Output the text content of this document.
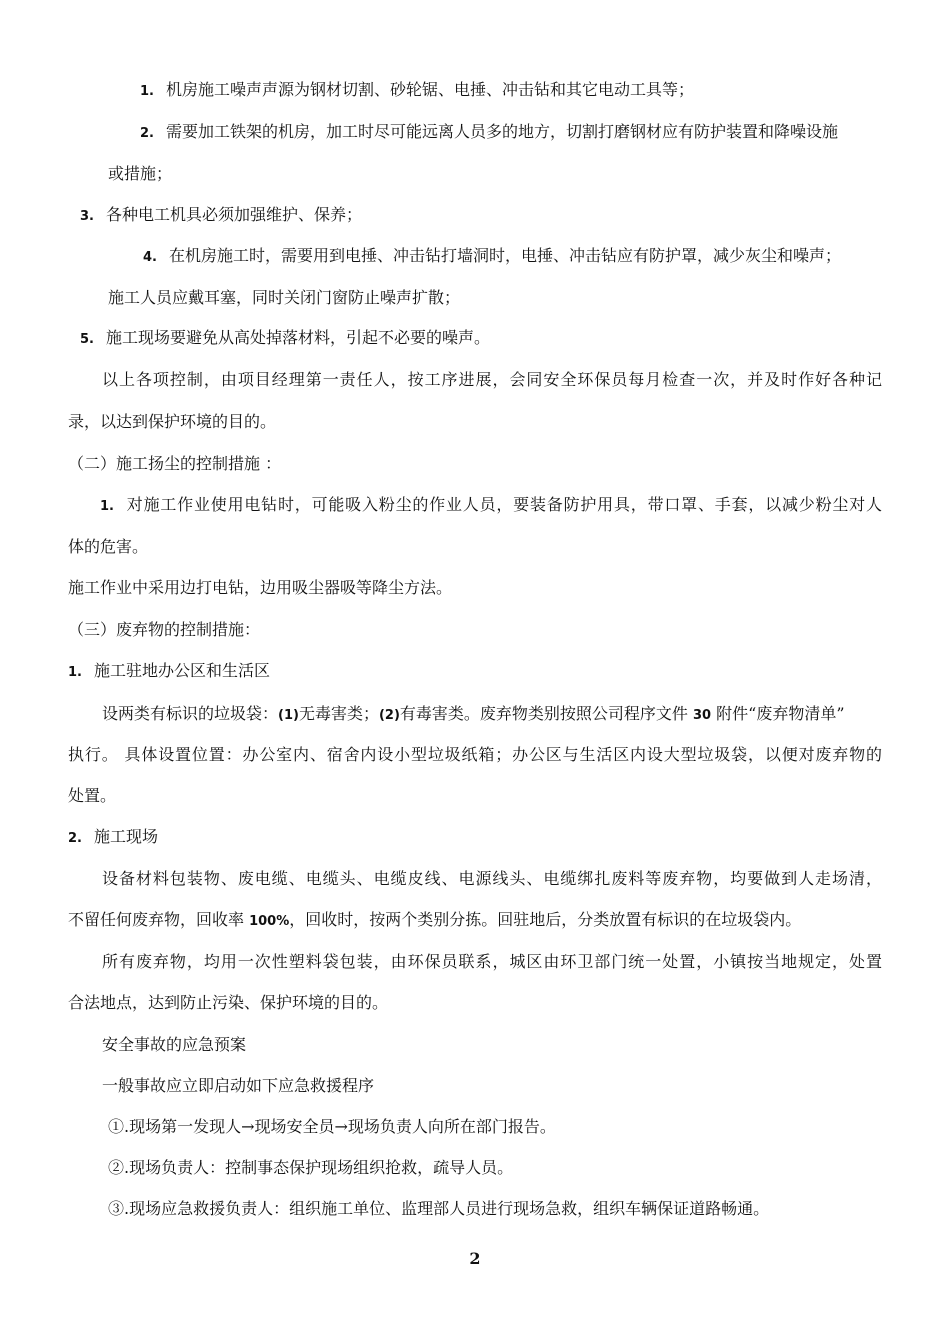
1. 机房施工噪声声源为钢材切割、砂轮锯、电捶、冲击钻和其它电动工具等；
2. 需要加工铁架的机房，加工时尽可能远离人员多的地方，切割打磨钢材应有防护装置和降噪设施
或措施；
3. 各种电工机具必须加强维护、保养；
4. 在机房施工时，需要用到电捶、冲击钻打墙洞时，电捶、冲击钻应有防护罩，减少灰尘和噪声；
施工人员应戴耳塞，同时关闭门窗防止噪声扩散；
5. 施工现场要避免从高处掉落材料，引起不必要的噪声。
以上各项控制，由项目经理第一责任人，按工序进展，会同安全环保员每月检查一次，并及时作好各种记
录，以达到保护环境的目的。
（二）施工扬尘的控制措施 ：
1. 对施工作业使用电钻时，可能吸入粉尘的作业人员，要装备防护用具，带口罩、手套，以减少粉尘对人
体的危害。
施工作业中采用边打电钻，边用吸尘器吸等降尘方法。
（三）废弃物的控制措施：
1. 施工驻地办公区和生活区
设两类有标识的垃圾袋：(1)无毒害类；(2)有毒害类。废弃物类别按照公司程序文件 30 附件“废弃物清单”
执行。 具体设置位置：办公室内、宿舍内设小型垃圾纸箱；办公区与生活区内设大型垃圾袋，以便对废弃物的
处置。
2. 施工现场
设备材料包装物、废电缆、电缆头、电缆皮线、电源线头、电缆绑扎废料等废弃物，均要做到人走场清，
不留任何废弃物，回收率 100%，回收时，按两个类别分拣。回驻地后，分类放置有标识的在垃圾袋内。
所有废弃物，均用一次性塑料袋包装，由环保员联系，城区由环卫部门统一处置，小镇按当地规定，处置
合法地点，达到防止污染、保护环境的目的。
安全事故的应急预案
一般事故应立即启动如下应急救援程序
①.现场第一发现人→现场安全员→现场负责人向所在部门报告。
②.现场负责人：控制事态保护现场组织抢救，疏导人员。
③.现场应急救援负责人：组织施工单位、监理部人员进行现场急救，组织车辆保证道路畅通。
2
